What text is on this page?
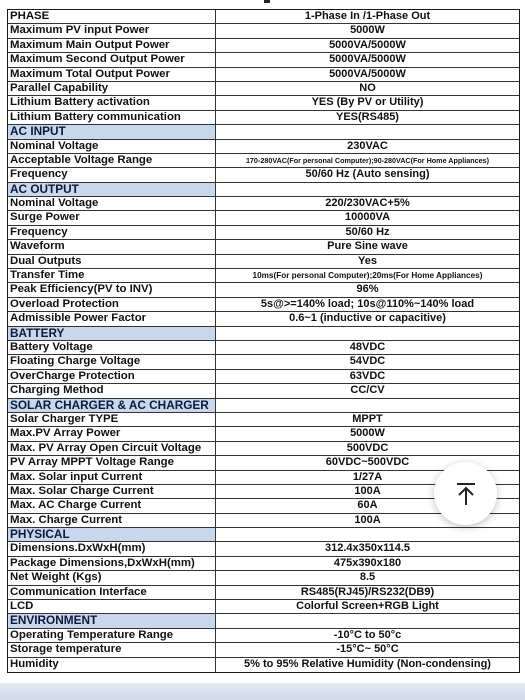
PHASE	1-Phase In /1-Phase Out
Maximum PV input Power	5000W
Maximum Main Output Power	5000VA/5000W
Maximum Second Output Power	5000VA/5000W
Maximum Total Output Power	5000VA/5000W
Parallel Capability	NO
Lithium Battery activation	YES (By PV or Utility)
Lithium Battery communication	YES(RS485)
AC INPUT
Nominal Voltage	230VAC
Acceptable Voltage Range	170-280VAC(For personal Computer);90-280VAC(For Home Appliances)
Frequency	50/60 Hz (Auto sensing)
AC OUTPUT
Nominal Voltage	220/230VAC+5%
Surge Power	10000VA
Frequency	50/60 Hz
Waveform	Pure Sine wave
Dual Outputs	Yes
Transfer Time	10ms(For personal Computer);20ms(For Home Appliances)
Peak Efficiency(PV to INV)	96%
Overload Protection	5s@>=140% load; 10s@110%~140% load
Admissible Power Factor	0.6~1 (inductive or capacitive)
BATTERY
Battery Voltage	48VDC
Floating Charge Voltage	54VDC
OverCharge Protection	63VDC
Charging Method	CC/CV
SOLAR CHARGER & AC CHARGER
Solar Charger TYPE	MPPT
Max.PV Array Power	5000W
Max. PV Array Open Circuit Voltage	500VDC
PV Array MPPT Voltage Range	60VDC~500VDC
Max. Solar input Current	1/27A
Max. Solar Charge Current	100A
Max. AC Charge Current	60A
Max. Charge Current	100A
PHYSICAL
Dimensions.DxWxH(mm)	312.4x350x114.5
Package Dimensions,DxWxH(mm)	475x390x180
Net Weight (Kgs)	8.5
Communication Interface	RS485(RJ45)/RS232(DB9)
LCD	Colorful Screen+RGB Light
ENVIRONMENT
Operating Temperature Range	-10°C to 50°c
Storage temperature	-15°C~ 50°C
Humidity	5% to 95% Relative Humidity (Non-condensing)
